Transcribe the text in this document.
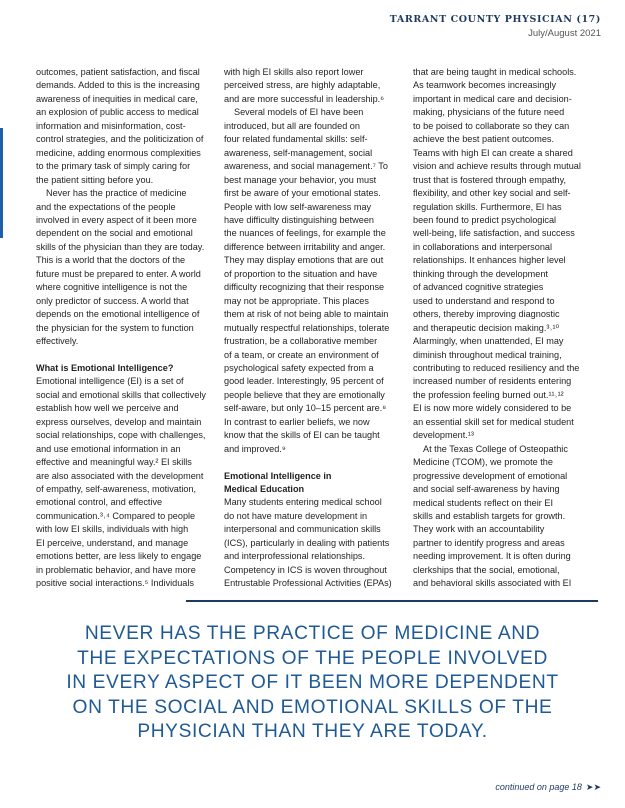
TARRANT COUNTY PHYSICIAN (17)
July/August 2021

outcomes, patient satisfaction, and fiscal

demands. Added to this is the increasing

awareness of inequities in medical care,

an explosion of public access to medical

information and misinformation, cost-

control strategies, and the politicization of

medicine, adding enormous complexities

to the primary task of simply caring for

the patient sitting before you.

Never has the practice of medicine

and the expectations of the people

involved in every aspect of it been more

dependent on the social and emotional

skills of the physician than they are today.

This is a world that the doctors of the

future must be prepared to enter. A world

where cognitive intelligence is not the

only predictor of success. A world that

depends on the emotional intelligence of

the physician for the system to function

effectively.

What is Emotional Intelligence?

Emotional intelligence (EI) is a set of

social and emotional skills that collectively

establish how well we perceive and

express ourselves, develop and maintain

social relationships, cope with challenges,

and use emotional information in an

effective and meaningful way.² EI skills

are also associated with the development

of empathy, self-awareness, motivation,

emotional control, and effective

communication.³˒⁴ Compared to people

with low EI skills, individuals with high

EI perceive, understand, and manage

emotions better, are less likely to engage

in problematic behavior, and have more

positive social interactions.⁵ Individuals

with high EI skills also report lower

perceived stress, are highly adaptable,

and are more successful in leadership.⁶

Several models of EI have been

introduced, but all are founded on

four related fundamental skills: self-

awareness, self-management, social

awareness, and social management.⁷ To

best manage your behavior, you must

first be aware of your emotional states.

People with low self-awareness may

have difficulty distinguishing between

the nuances of feelings, for example the

difference between irritability and anger.

They may display emotions that are out

of proportion to the situation and have

difficulty recognizing that their response

may not be appropriate. This places

them at risk of not being able to maintain

mutually respectful relationships, tolerate

frustration, be a collaborative member

of a team, or create an environment of

psychological safety expected from a

good leader. Interestingly, 95 percent of

people believe that they are emotionally

self-aware, but only 10–15 percent are.⁸

In contrast to earlier beliefs, we now

know that the skills of EI can be taught

and improved.⁹

Emotional Intelligence in
Medical Education

Many students entering medical school

do not have mature development in

interpersonal and communication skills

(ICS), particularly in dealing with patients

and interprofessional relationships.

Competency in ICS is woven throughout

Entrustable Professional Activities (EPAs)

that are being taught in medical schools.

As teamwork becomes increasingly

important in medical care and decision-

making, physicians of the future need

to be poised to collaborate so they can

achieve the best patient outcomes.

Teams with high EI can create a shared

vision and achieve results through mutual

trust that is fostered through empathy,

flexibility, and other key social and self-

regulation skills. Furthermore, EI has

been found to predict psychological

well-being, life satisfaction, and success

in collaborations and interpersonal

relationships. It enhances higher level

thinking through the development

of advanced cognitive strategies

used to understand and respond to

others, thereby improving diagnostic

and therapeutic decision making.³˒¹⁰

Alarmingly, when unattended, EI may

diminish throughout medical training,

contributing to reduced resiliency and the

increased number of residents entering

the profession feeling burned out.¹¹˒¹²

EI is now more widely considered to be

an essential skill set for medical student

development.¹³

At the Texas College of Osteopathic

Medicine (TCOM), we promote the

progressive development of emotional

and social self-awareness by having

medical students reflect on their EI

skills and establish targets for growth.

They work with an accountability

partner to identify progress and areas

needing improvement. It is often during

clerkships that the social, emotional,

and behavioral skills associated with EI

NEVER HAS THE PRACTICE OF MEDICINE AND
THE EXPECTATIONS OF THE PEOPLE INVOLVED
IN EVERY ASPECT OF IT BEEN MORE DEPENDENT
ON THE SOCIAL AND EMOTIONAL SKILLS OF THE
PHYSICIAN THAN THEY ARE TODAY.
continued on page 18 ➤➤
